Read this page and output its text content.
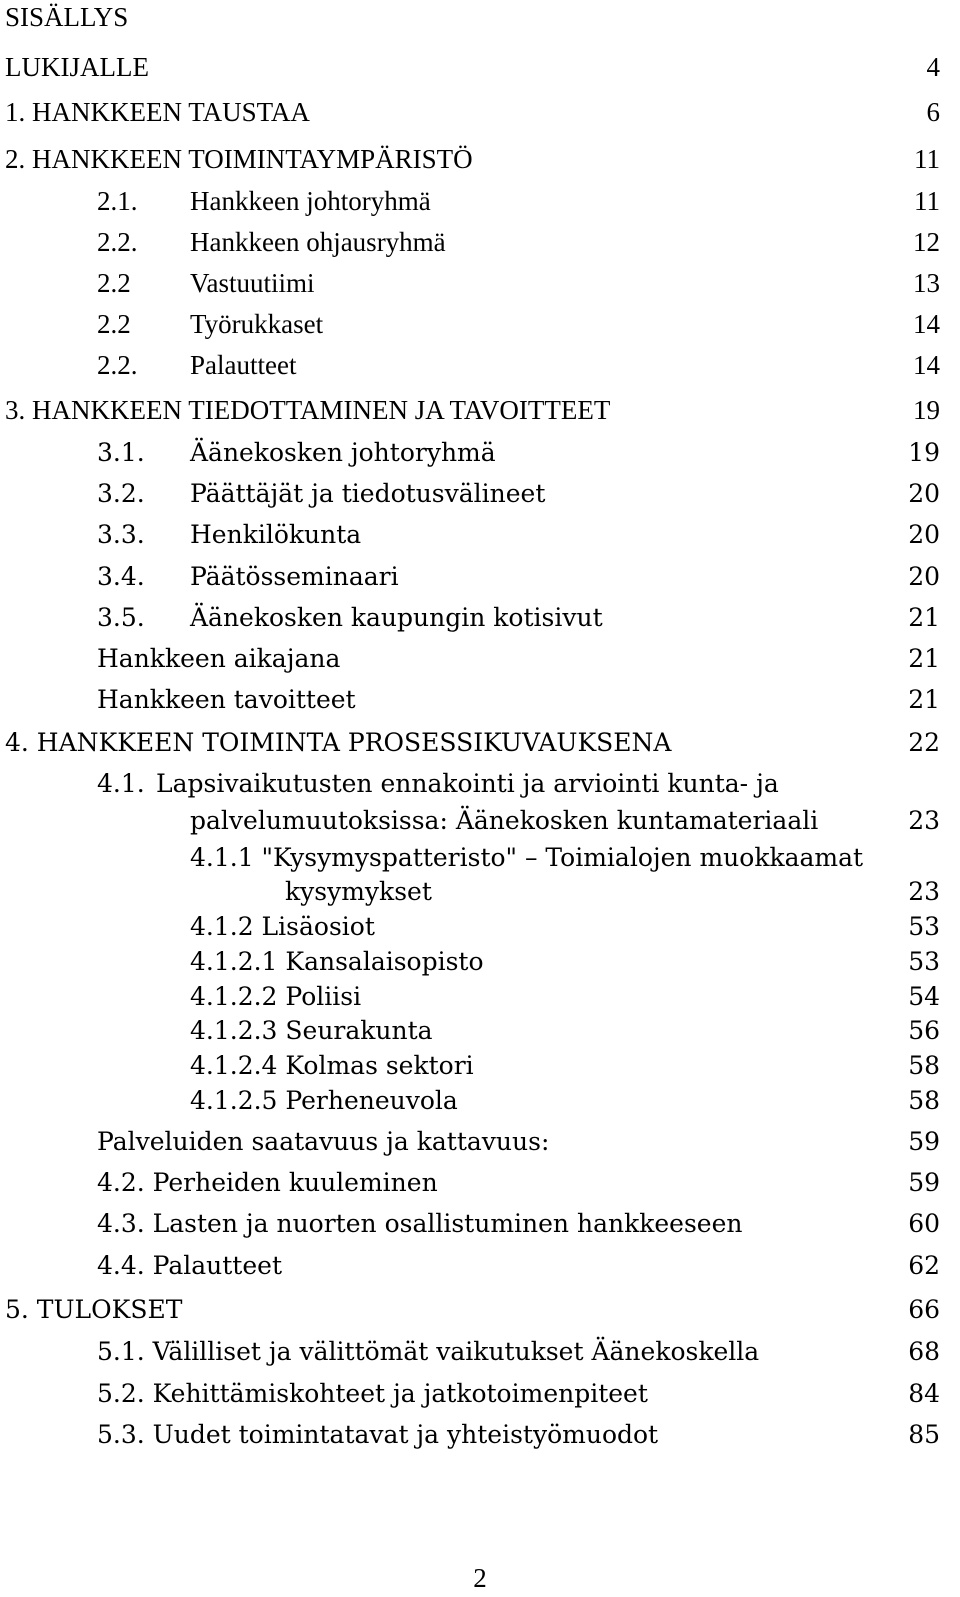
SISÄLLYS
LUKIJALLE	4
1. HANKKEEN TAUSTAA	6
2. HANKKEEN TOIMINTAYMPÄRISTÖ	11
2.1. Hankkeen johtoryhmä	11
2.2. Hankkeen ohjausryhmä	12
2.2 Vastuutiimi	13
2.2 Työrukkaset	14
2.2. Palautteet	14
3. HANKKEEN TIEDOTTAMINEN JA TAVOITTEET	19
3.1. Äänekosken johtoryhmä	19
3.2. Päättäjät ja tiedotusvälineet	20
3.3. Henkilökunta	20
3.4. Päätösseminaari	20
3.5. Äänekosken kaupungin kotisivut	21
Hankkeen aikajana	21
Hankkeen tavoitteet	21
4. HANKKEEN TOIMINTA PROSESSIKUVAUKSENA	22
4.1. Lapsivaikutusten ennakointi ja arviointi kunta- ja
palvelumuutoksissa: Äänekosken kuntamateriaali	23
4.1.1 "Kysymyspatteristo" – Toimialojen muokkaamat
kysymykset	23
4.1.2 Lisäosiot	53
4.1.2.1 Kansalaisopisto	53
4.1.2.2 Poliisi	54
4.1.2.3 Seurakunta	56
4.1.2.4 Kolmas sektori	58
4.1.2.5 Perheneuvola	58
Palveluiden saatavuus ja kattavuus:	59
4.2. Perheiden kuuleminen	59
4.3. Lasten ja nuorten osallistuminen hankkeeseen	60
4.4. Palautteet	62
5. TULOKSET	66
5.1. Välilliset ja välittömät vaikutukset Äänekoskella	68
5.2. Kehittämiskohteet ja jatkotoimenpiteet	84
5.3. Uudet toimintatavat ja yhteistyömuodot	85
2
